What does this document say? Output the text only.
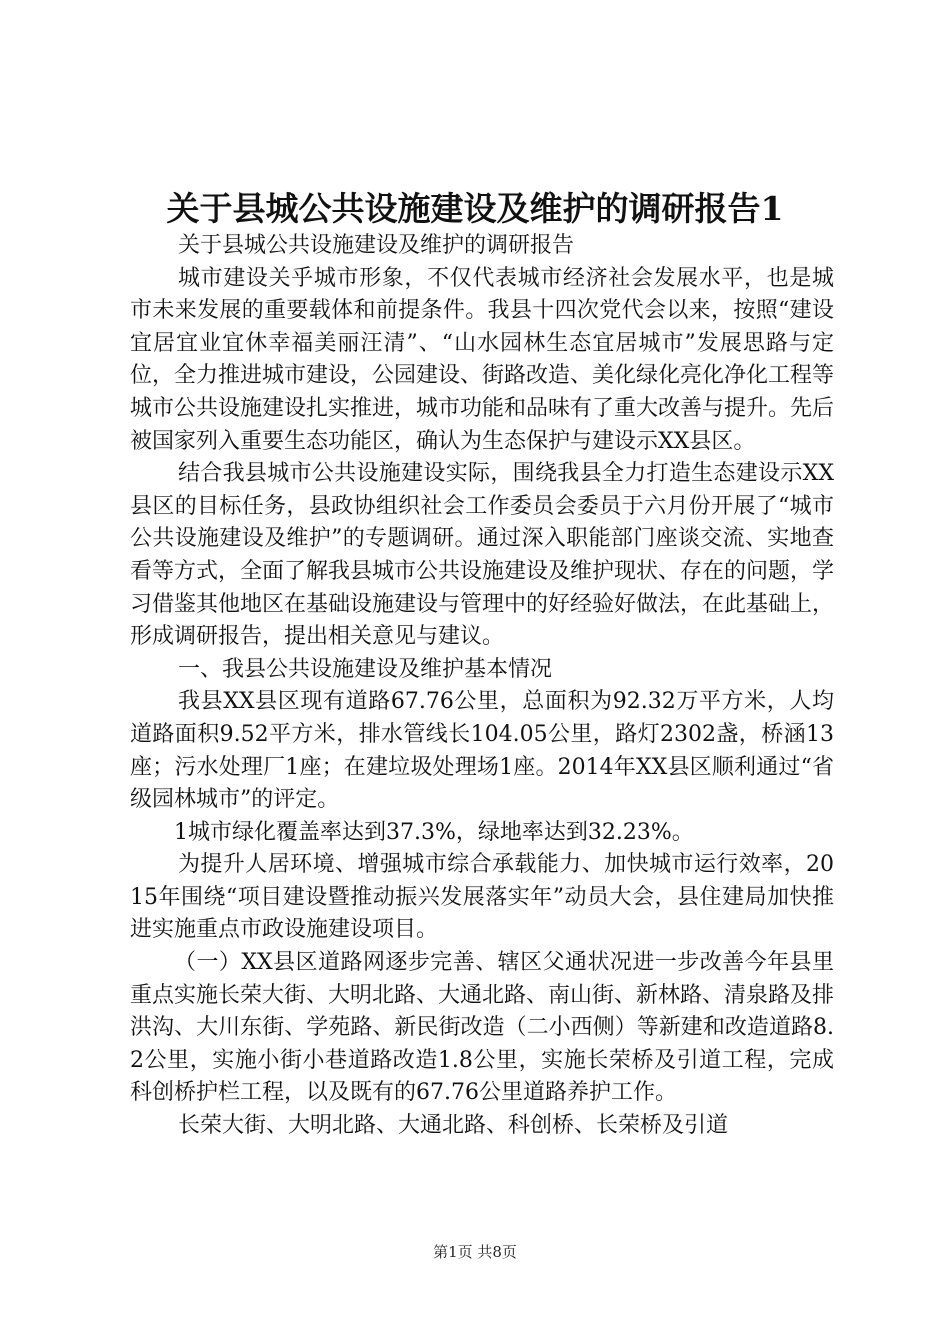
关于县城公共设施建设及维护的调研报告1

关于县城公共设施建设及维护的调研报告

城市建设关乎城市形象，不仅代表城市经济社会发展水平，也是城市未来发展的重要载体和前提条件。我县十四次党代会以来，按照“建设宜居宜业宜休幸福美丽汪清”、“山水园林生态宜居城市”发展思路与定位，全力推进城市建设，公园建设、街路改造、美化绿化亮化净化工程等城市公共设施建设扎实推进，城市功能和品味有了重大改善与提升。先后被国家列入重要生态功能区，确认为生态保护与建设示XX县区。

结合我县城市公共设施建设实际，围绕我县全力打造生态建设示XX县区的目标任务，县政协组织社会工作委员会委员于六月份开展了“城市公共设施建设及维护”的专题调研。通过深入职能部门座谈交流、实地查看等方式，全面了解我县城市公共设施建设及维护现状、存在的问题，学习借鉴其他地区在基础设施建设与管理中的好经验好做法，在此基础上，形成调研报告，提出相关意见与建议。

一、我县公共设施建设及维护基本情况

我县XX县区现有道路67.76公里，总面积为92.32万平方米，人均道路面积9.52平方米，排水管线长104.05公里，路灯2302盏，桥涵13座；污水处理厂1座；在建垃圾处理场1座。2014年XX县区顺利通过“省级园林城市”的评定。

1城市绿化覆盖率达到37.3%，绿地率达到32.23%。

为提升人居环境、增强城市综合承载能力、加快城市运行效率，2015年围绕“项目建设暨推动振兴发展落实年”动员大会，县住建局加快推进实施重点市政设施建设项目。

（一）XX县区道路网逐步完善、辖区父通状况进一步改善今年县里重点实施长荣大街、大明北路、大通北路、南山街、新林路、清泉路及排洪沟、大川东街、学苑路、新民街改造（二小西侧）等新建和改造道路8.2公里，实施小街小巷道路改造1.8公里，实施长荣桥及引道工程，完成科创桥护栏工程，以及既有的67.76公里道路养护工作。

长荣大街、大明北路、大通北路、科创桥、长荣桥及引道

第1页 共8页
